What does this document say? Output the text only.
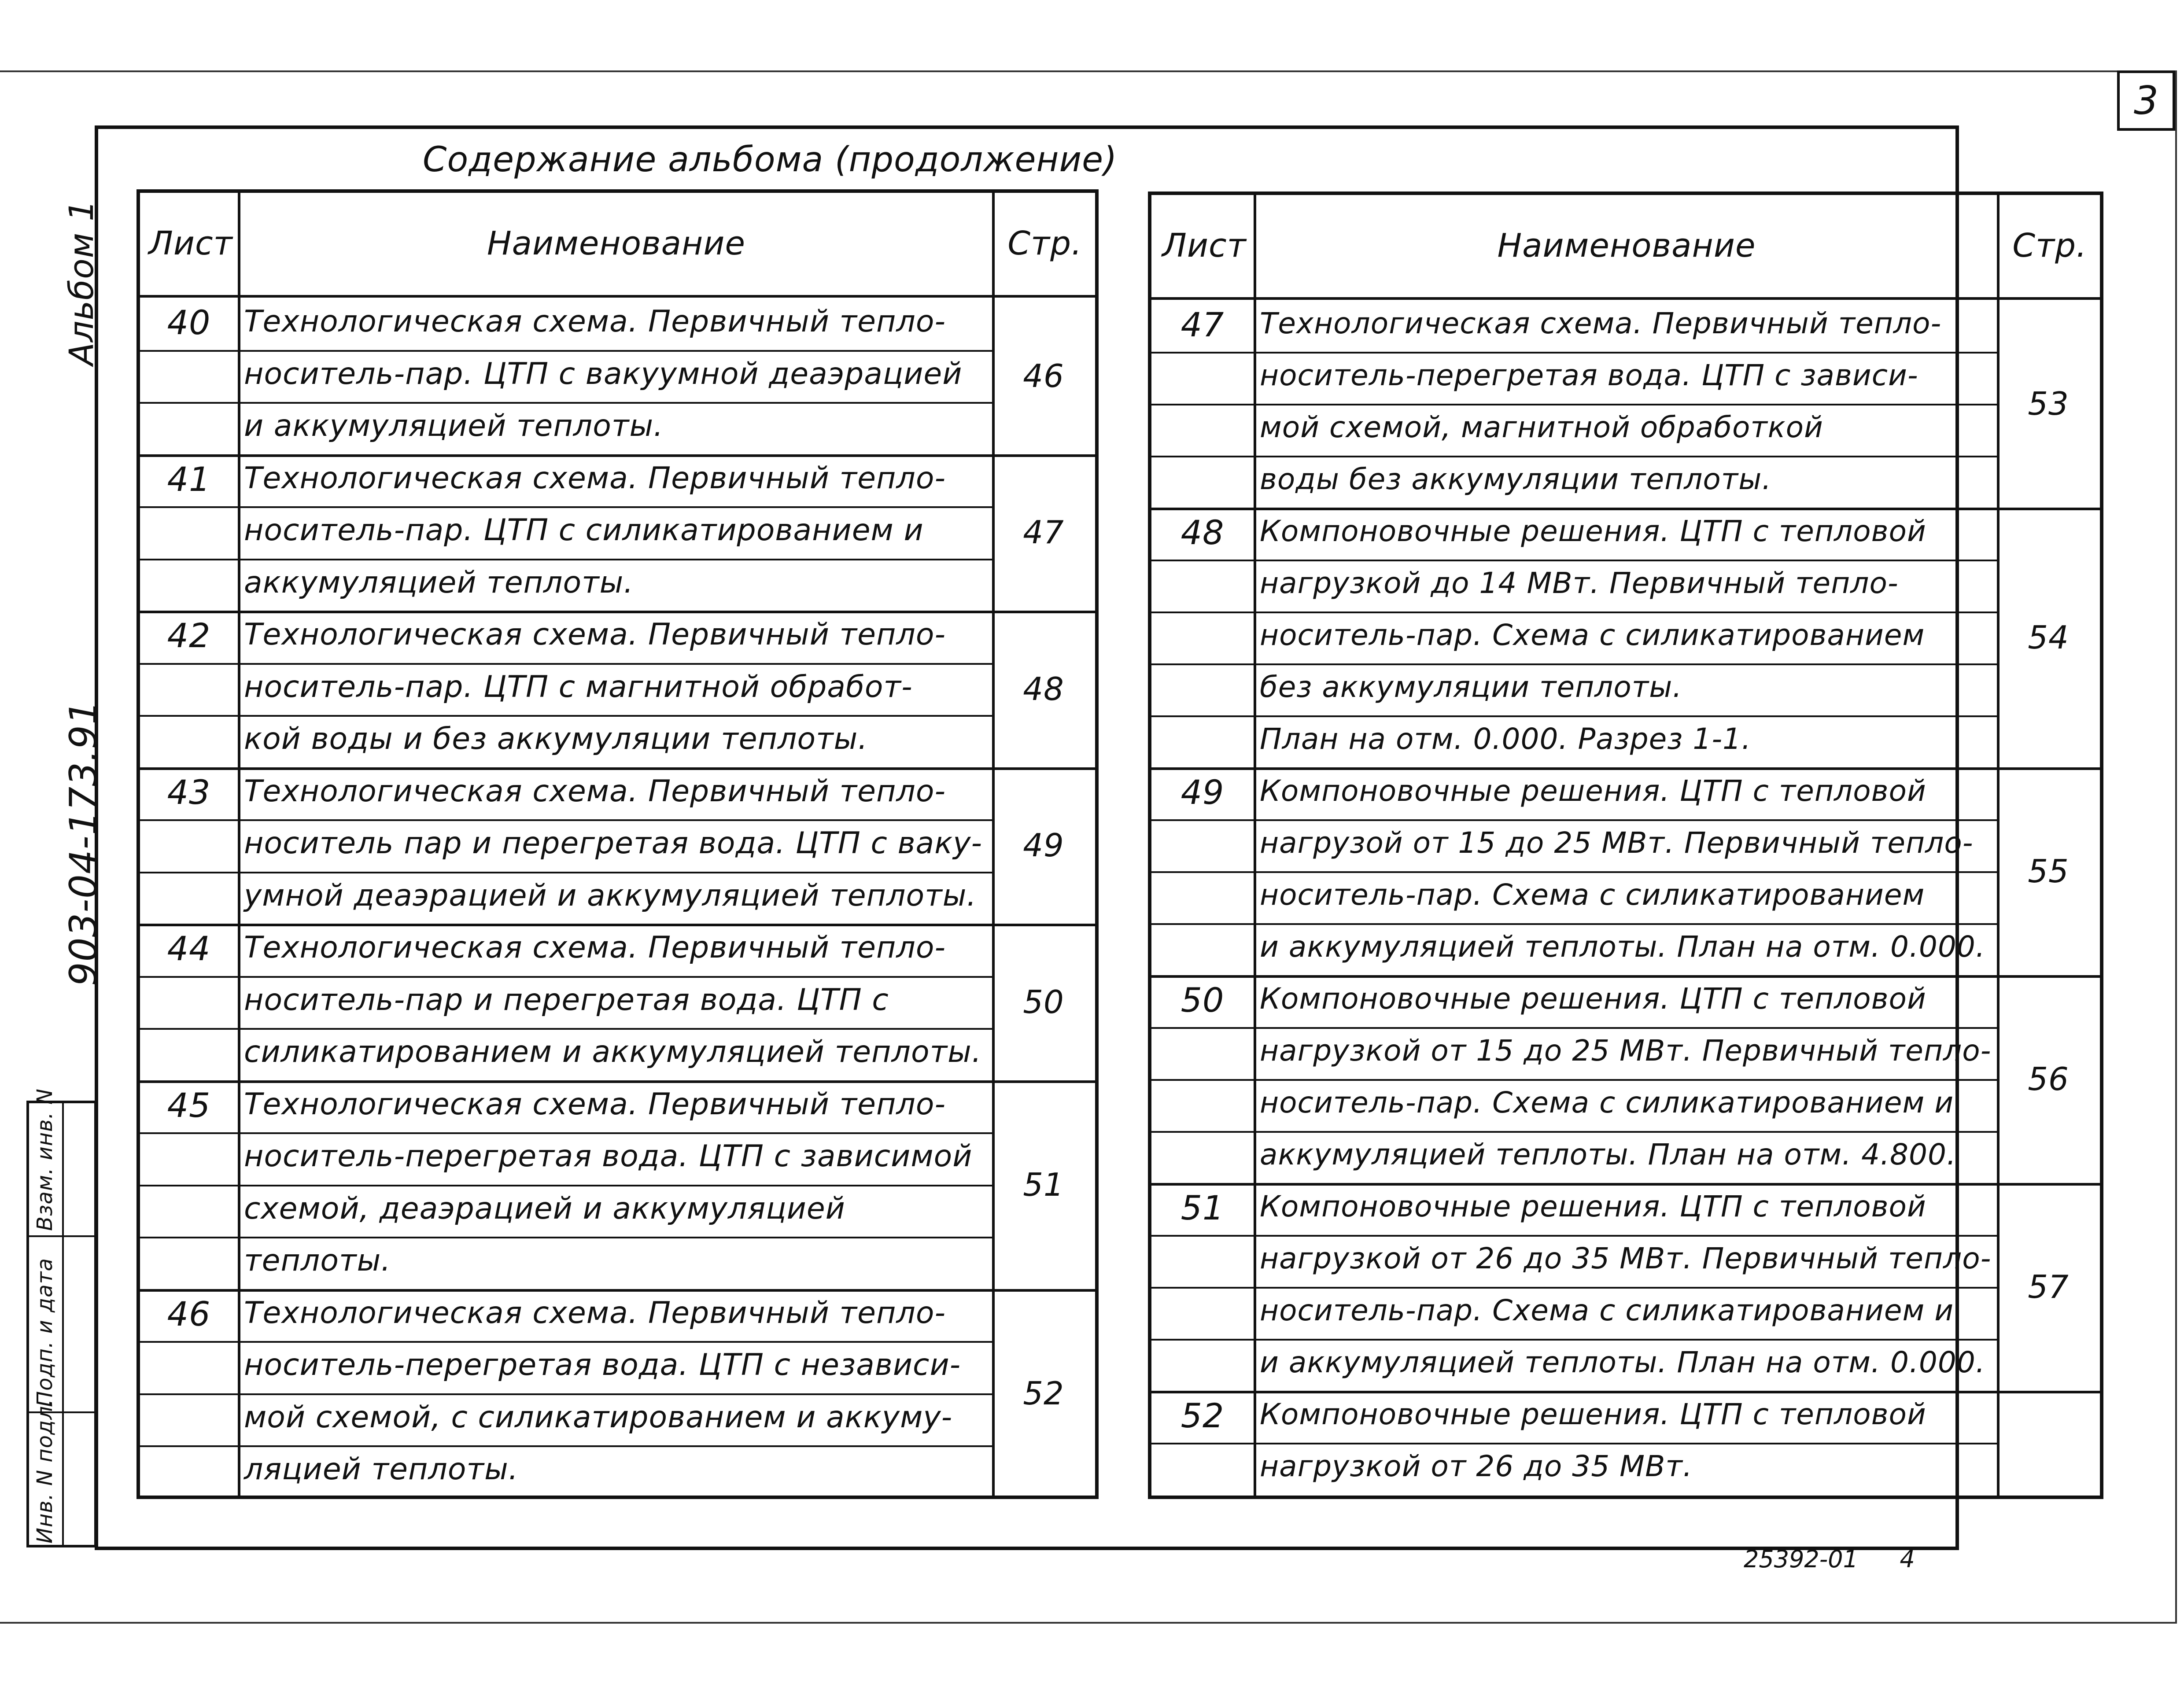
3
Альбом 1
903-04-173.91
Содержание альбома (продолжение)
Лист	Наименование	Стр.
40	Технологическая схема. Первичный тепло-
носитель-пар. ЦТП с вакуумной деаэрацией
и аккумуляцией теплоты.
46
41	Технологическая схема. Первичный тепло-
носитель-пар. ЦТП с силикатированием и
аккумуляцией теплоты.
47
42	Технологическая схема. Первичный тепло-
носитель-пар. ЦТП с магнитной обработ-
кой воды и без аккумуляции теплоты.
48
43	Технологическая схема. Первичный тепло-
носитель пар и перегретая вода. ЦТП с ваку-
умной деаэрацией и аккумуляцией теплоты.
49
44	Технологическая схема. Первичный тепло-
носитель-пар и перегретая вода. ЦТП с
силикатированием и аккумуляцией теплоты.
50
45	Технологическая схема. Первичный тепло-
носитель-перегретая вода. ЦТП с зависимой
схемой, деаэрацией и аккумуляцией
теплоты.
51
46	Технологическая схема. Первичный тепло-
носитель-перегретая вода. ЦТП с независи-
мой схемой, с силикатированием и аккуму-
ляцией теплоты.
52
Лист	Наименование	Стр.
47	Технологическая схема. Первичный тепло-
носитель-перегретая вода. ЦТП с зависи-
мой схемой, магнитной обработкой
воды без аккумуляции теплоты.
53
48	Компоновочные решения. ЦТП с тепловой
нагрузкой до 14 МВт. Первичный тепло-
носитель-пар. Схема с силикатированием
без аккумуляции теплоты.
План на отм. 0.000. Разрез 1-1.
54
49	Компоновочные решения. ЦТП с тепловой
нагрузой от 15 до 25 МВт. Первичный тепло-
носитель-пар. Схема с силикатированием
и аккумуляцией теплоты. План на отм. 0.000.
55
50	Компоновочные решения. ЦТП с тепловой
нагрузкой от 15 до 25 МВт. Первичный тепло-
носитель-пар. Схема с силикатированием и
аккумуляцией теплоты. План на отм. 4.800.
56
51	Компоновочные решения. ЦТП с тепловой
нагрузкой от 26 до 35 МВт. Первичный тепло-
носитель-пар. Схема с силикатированием и
и аккумуляцией теплоты. План на отм. 0.000.
57
52	Компоновочные решения. ЦТП с тепловой
нагрузкой от 26 до 35 МВт.
Инв. N подл.
Подп. и дата
Взам. инв. N
25392-01 4
